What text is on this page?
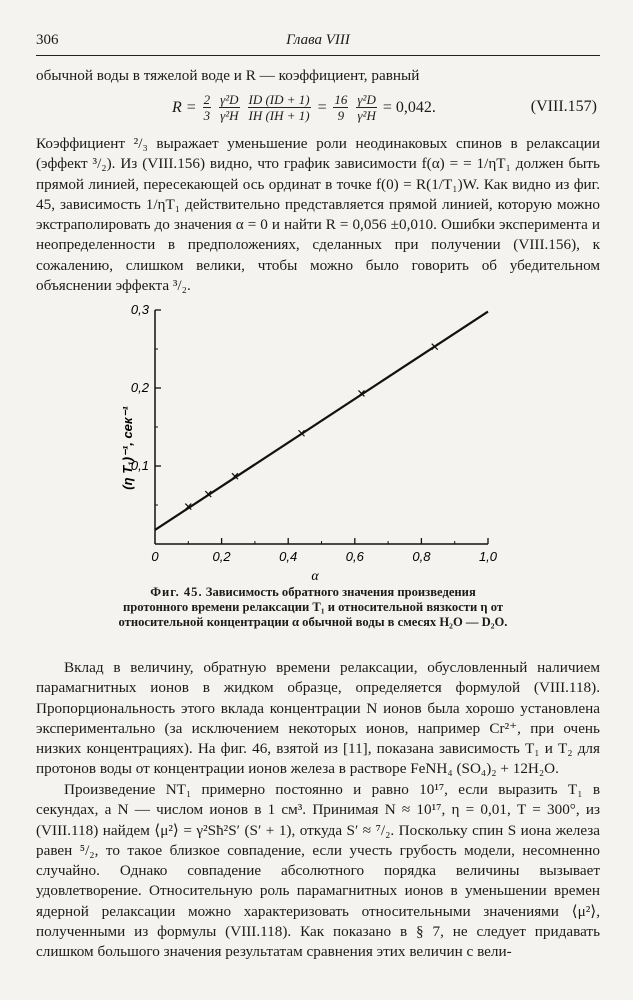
306	Глава VIII
обычной воды в тяжелой воде и R — коэффициент, равный
$R = \frac{2}{3} \frac{\text{γ²D}}{\text{γ²H}} \frac{ID (ID + 1)}{IH (IH + 1)} = \frac{16}{9} \frac{\text{γ²D}}{\text{γ²H}} = 0,042$.	(VIII.157)
Коэффициент ²/₃ выражает уменьшение роли неодинаковых спинов в релаксации (эффект ³/₂). Из (VIII.156) видно, что график зависимости f(α) = = 1/ηT₁ должен быть прямой линией, пересекающей ось ординат в точке f(0) = R(1/T₁)W. Как видно из фиг. 45, зависимость 1/ηT₁ действительно представляется прямой линией, которую можно экстраполировать до значения α = 0 и найти R = 0,056 ±0,010. Ошибки эксперимента и неопределенности в предположениях, сделанных при получении (VIII.156), к сожалению, слишком велики, чтобы можно было говорить об убедительном объяснении эффекта ³/₂.
0	0,2	0,4	0,6	0,8	1,0
0,1
0,2
0,3
(η T₁)⁻¹, сек⁻¹
α
Фиг. 45. Зависимость обратного значения произведения протонного времени релаксации T₁ и относительной вязкости η от относительной концентрации α обычной воды в смесях H₂O — D₂O.
Вклад в величину, обратную времени релаксации, обусловленный наличием парамагнитных ионов в жидком образце, определяется формулой (VIII.118). Пропорциональность этого вклада концентрации N ионов была хорошо установлена экспериментально (за исключением некоторых ионов, например Cr²⁺, при очень низких концентрациях). На фиг. 46, взятой из [11], показана зависимость T₁ и T₂ для протонов воды от концентрации ионов железа в растворе FeNH₄ (SO₄)₂ + 12H₂O.
Произведение NT₁ примерно постоянно и равно 10¹⁷, если выразить T₁ в секундах, а N — числом ионов в 1 см³. Принимая N ≈ 10¹⁷, η = 0,01, T = 300°, из (VIII.118) найдем ⟨μ²⟩ = γ²Sħ²S′ (S′ + 1), откуда S′ ≈ ⁷/₂. Поскольку спин S иона железа равен ⁵/₂, то такое близкое совпадение, если учесть грубость модели, несомненно случайно. Однако совпадение абсолютного порядка величины вызывает удовлетворение. Относительную роль парамагнитных ионов в уменьшении времен ядерной релаксации можно характеризовать относительными значениями ⟨μ²⟩, полученными из формулы (VIII.118). Как показано в § 7, не следует придавать слишком большого значения результатам сравнения этих величин с вели-
